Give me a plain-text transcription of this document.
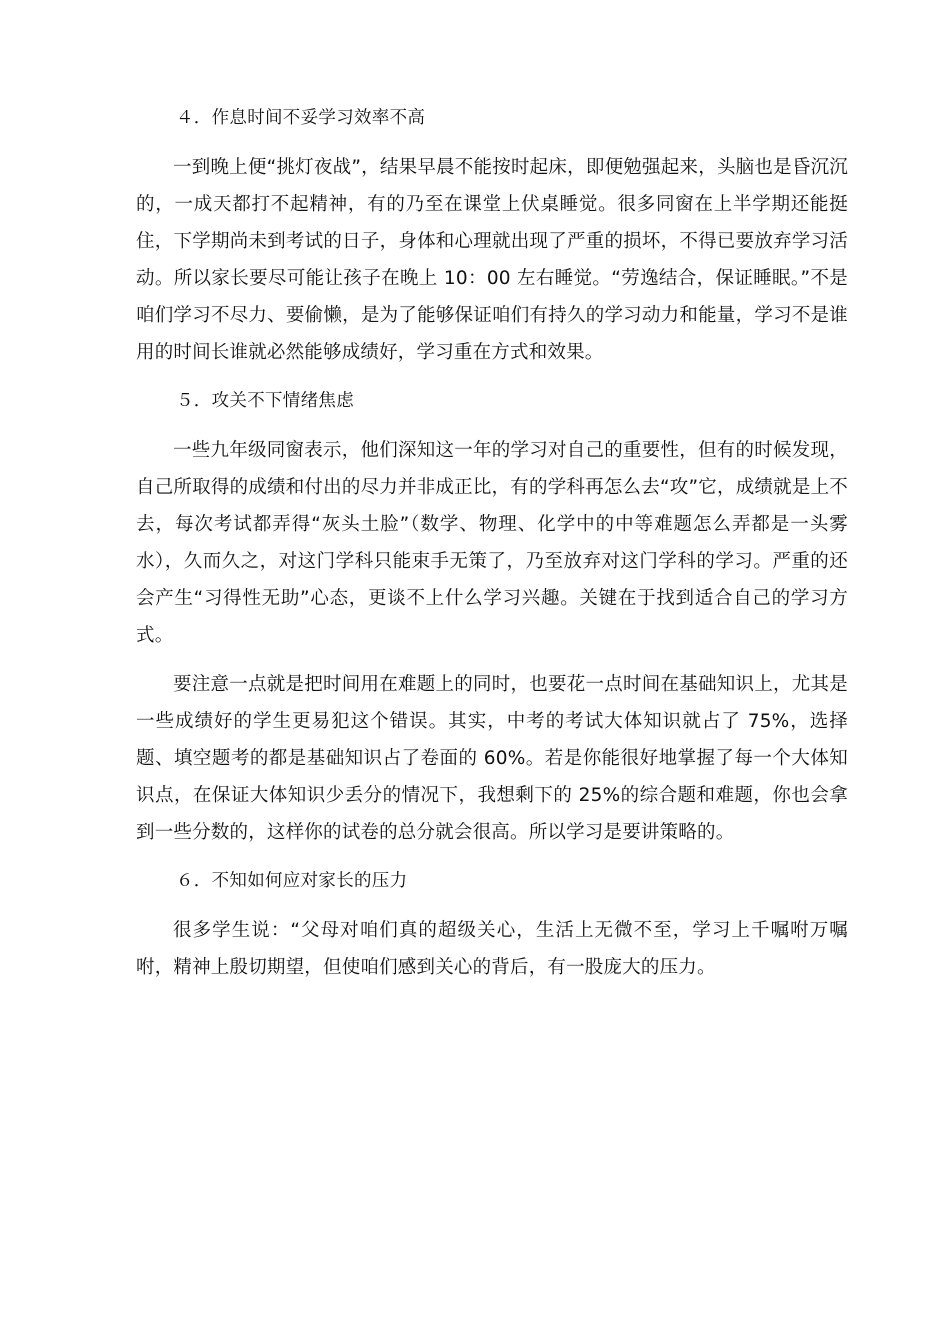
４．作息时间不妥学习效率不高

一到晚上便“挑灯夜战”，结果早晨不能按时起床，即便勉强起来，头脑也是昏沉沉的，一成天都打不起精神，有的乃至在课堂上伏桌睡觉。很多同窗在上半学期还能挺住，下学期尚未到考试的日子，身体和心理就出现了严重的损坏，不得已要放弃学习活动。所以家长要尽可能让孩子在晚上 10：00 左右睡觉。“劳逸结合，保证睡眠。”不是咱们学习不尽力、要偷懒，是为了能够保证咱们有持久的学习动力和能量，学习不是谁用的时间长谁就必然能够成绩好，学习重在方式和效果。

５．攻关不下情绪焦虑

一些九年级同窗表示，他们深知这一年的学习对自己的重要性，但有的时候发现，自己所取得的成绩和付出的尽力并非成正比，有的学科再怎么去“攻”它，成绩就是上不去，每次考试都弄得“灰头土脸”（数学、物理、化学中的中等难题怎么弄都是一头雾水），久而久之，对这门学科只能束手无策了，乃至放弃对这门学科的学习。严重的还会产生“习得性无助”心态，更谈不上什么学习兴趣。关键在于找到适合自己的学习方式。

要注意一点就是把时间用在难题上的同时，也要花一点时间在基础知识上，尤其是一些成绩好的学生更易犯这个错误。其实，中考的考试大体知识就占了 75%，选择题、填空题考的都是基础知识占了卷面的 60%。若是你能很好地掌握了每一个大体知识点，在保证大体知识少丢分的情况下，我想剩下的 25%的综合题和难题，你也会拿到一些分数的，这样你的试卷的总分就会很高。所以学习是要讲策略的。

６．不知如何应对家长的压力

很多学生说：“父母对咱们真的超级关心，生活上无微不至，学习上千嘱咐万嘱咐，精神上殷切期望，但使咱们感到关心的背后，有一股庞大的压力。
